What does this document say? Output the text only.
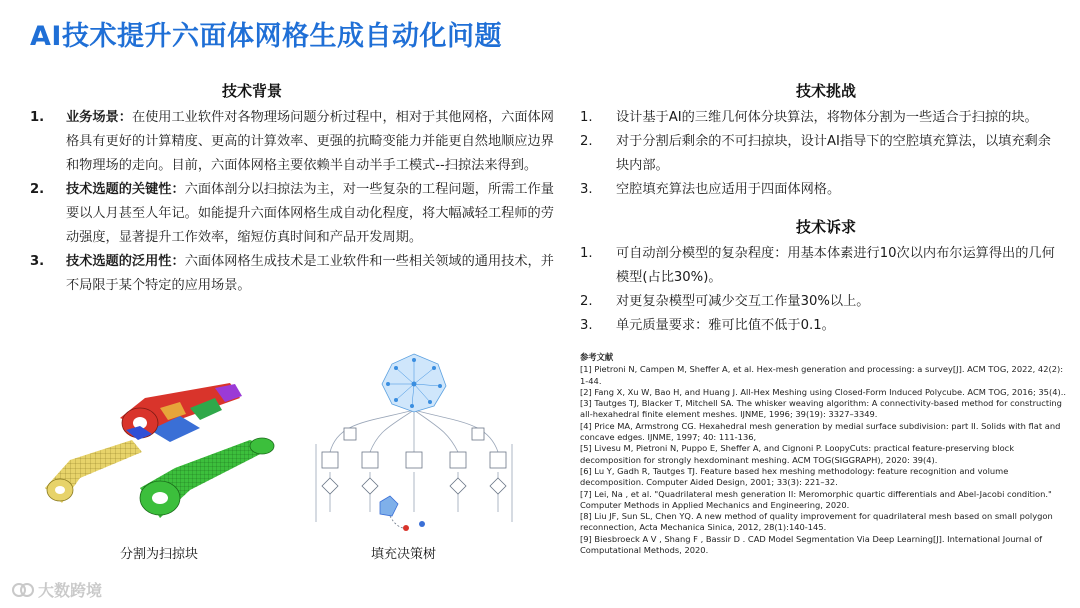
AI技术提升六面体网格生成自动化问题
技术背景
1. 业务场景：在使用工业软件对各物理场问题分析过程中，相对于其他网格，六面体网格具有更好的计算精度、更高的计算效率、更强的抗畸变能力并能更自然地顺应边界和物理场的走向。目前，六面体网格主要依赖半自动半手工模式--扫掠法来得到。
2. 技术选题的关键性：六面体剖分以扫掠法为主，对一些复杂的工程问题，所需工作量要以人月甚至人年记。如能提升六面体网格生成自动化程度，将大幅减轻工程师的劳动强度，显著提升工作效率，缩短仿真时间和产品开发周期。
3. 技术选题的泛用性：六面体网格生成技术是工业软件和一些相关领域的通用技术，并不局限于某个特定的应用场景。
分割为扫掠块	填充决策树
技术挑战
1. 设计基于AI的三维几何体分块算法，将物体分割为一些适合于扫掠的块。
2. 对于分割后剩余的不可扫掠块，设计AI指导下的空腔填充算法，以填充剩余块内部。
3. 空腔填充算法也应适用于四面体网格。
技术诉求
1. 可自动剖分模型的复杂程度：用基本体素进行10次以内布尔运算得出的几何模型(占比30%)。
2. 对更复杂模型可减少交互工作量30%以上。
3. 单元质量要求：雅可比值不低于0.1。
参考文献
[1] Pietroni N, Campen M, Sheffer A, et al. Hex-mesh generation and processing: a survey[J]. ACM TOG, 2022, 42(2): 1-44.
[2] Fang X, Xu W, Bao H, and Huang J. All-Hex Meshing using Closed-Form Induced Polycube. ACM TOG, 2016; 35(4)..
[3] Tautges TJ, Blacker T, Mitchell SA. The whisker weaving algorithm: A connectivity-based method for constructing all-hexahedral finite element meshes. IJNME, 1996; 39(19): 3327–3349.
[4] Price MA, Armstrong CG. Hexahedral mesh generation by medial surface subdivision: part II. Solids with flat and concave edges. IJNME, 1997; 40: 111-136,
[5] Livesu M, Pietroni N, Puppo E, Sheffer A, and Cignoni P. LoopyCuts: practical feature-preserving block decomposition for strongly hexdominant meshing. ACM TOG(SIGGRAPH), 2020: 39(4).
[6] Lu Y, Gadh R, Tautges TJ. Feature based hex meshing methodology: feature recognition and volume decomposition. Computer Aided Design, 2001; 33(3): 221–32.
[7] Lei, Na , et al. "Quadrilateral mesh generation II: Meromorphic quartic differentials and Abel-Jacobi condition." Computer Methods in Applied Mechanics and Engineering, 2020.
[8] Liu JF, Sun SL, Chen YQ. A new method of quality improvement for quadrilateral mesh based on small polygon reconnection, Acta Mechanica Sinica, 2012, 28(1):140-145.
[9] Biesbroeck A V , Shang F , Bassir D . CAD Model Segmentation Via Deep Learning[J]. International Journal of Computational Methods, 2020.
大数跨境
